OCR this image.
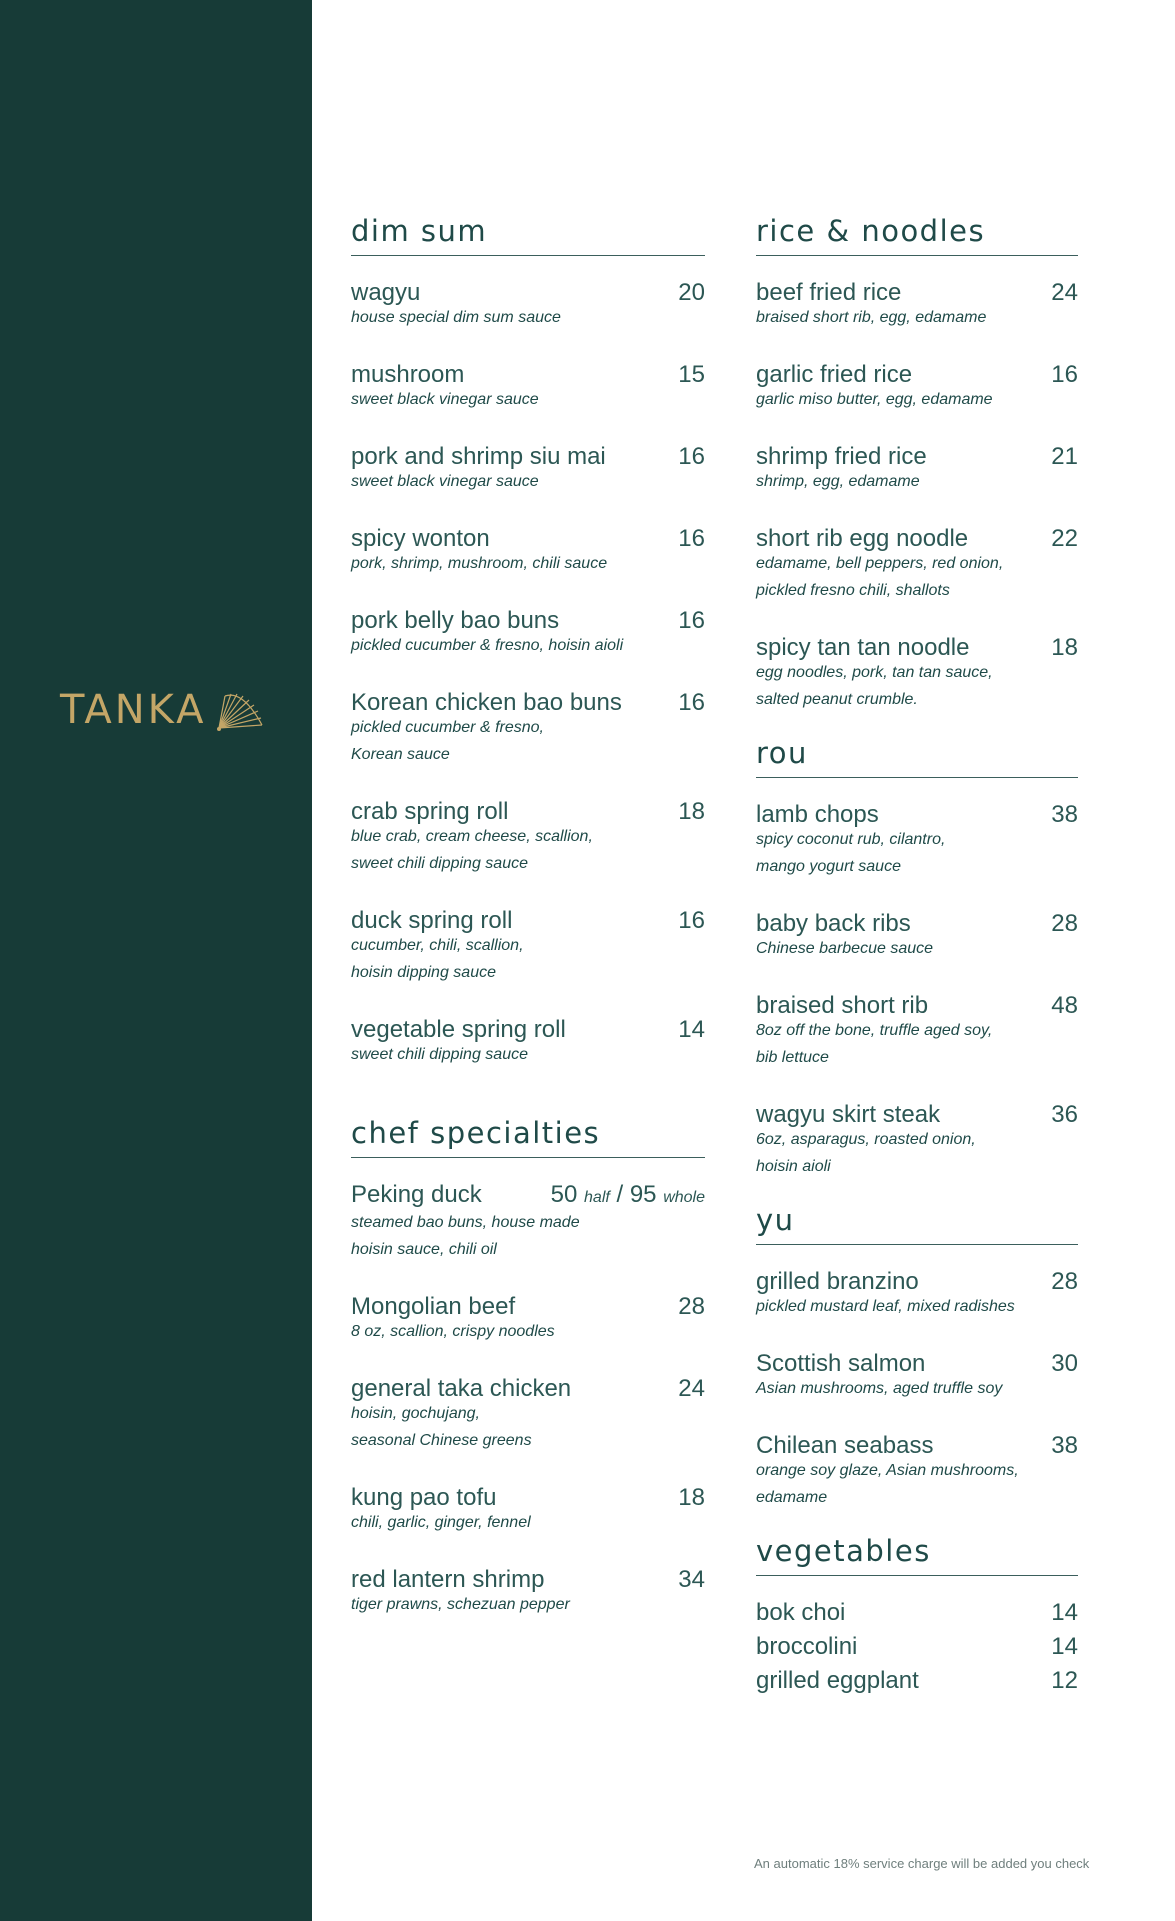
TANKA
dim sum
wagyu	20
house special dim sum sauce
mushroom	15
sweet black vinegar sauce
pork and shrimp siu mai	16
sweet black vinegar sauce
spicy wonton	16
pork, shrimp, mushroom, chili sauce
pork belly bao buns	16
pickled cucumber & fresno, hoisin aioli
Korean chicken bao buns 16
pickled cucumber & fresno,
Korean sauce
crab spring roll	18
blue crab, cream cheese, scallion,
sweet chili dipping sauce
duck spring roll	16
cucumber, chili, scallion,
hoisin dipping sauce
vegetable spring roll	14
sweet chili dipping sauce
chef specialties
Peking duck	50 half / 95 whole
steamed bao buns, house made
hoisin sauce, chili oil
Mongolian beef	28
8 oz, scallion, crispy noodles
general taka chicken	24
hoisin, gochujang,
seasonal Chinese greens
kung pao tofu	18
chili, garlic, ginger, fennel
red lantern shrimp	34
tiger prawns, schezuan pepper
rice & noodles
beef fried rice	24
braised short rib, egg, edamame
garlic fried rice	16
garlic miso butter, egg, edamame
shrimp fried rice	21
shrimp, egg, edamame
short rib egg noodle	22
edamame, bell peppers, red onion,
pickled fresno chili, shallots
spicy tan tan noodle	18
egg noodles, pork, tan tan sauce,
salted peanut crumble.
rou
lamb chops	38
spicy coconut rub, cilantro,
mango yogurt sauce
baby back ribs	28
Chinese barbecue sauce
braised short rib	48
8oz off the bone, truffle aged soy,
bib lettuce
wagyu skirt steak	36
6oz, asparagus, roasted onion,
hoisin aioli
yu
grilled branzino	28
pickled mustard leaf, mixed radishes
Scottish salmon	30
Asian mushrooms, aged truffle soy
Chilean seabass	38
orange soy glaze, Asian mushrooms,
edamame
vegetables
bok choi	14
broccolini	14
grilled eggplant	12
An automatic 18% service charge will be added you check
